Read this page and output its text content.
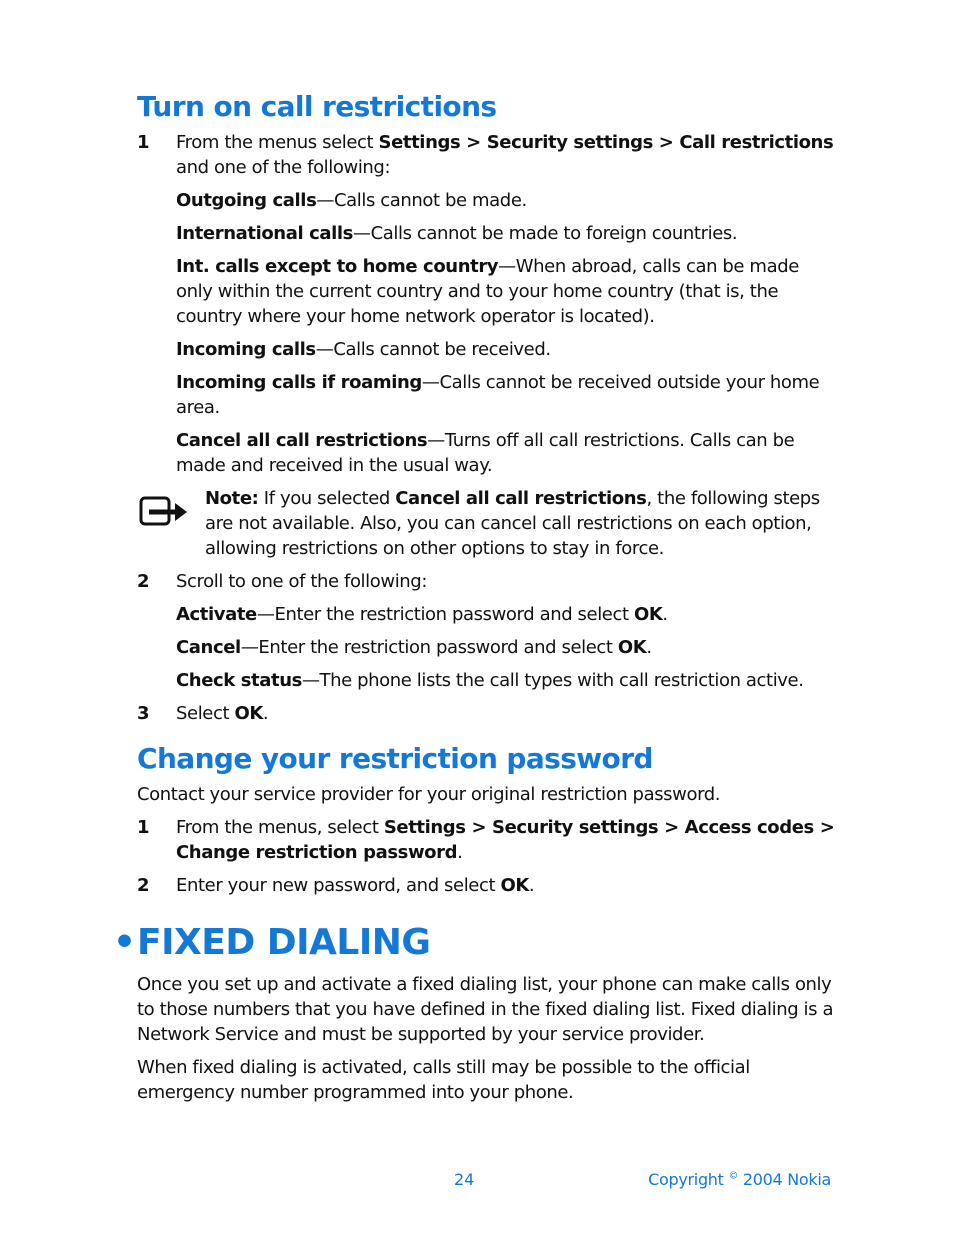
Turn on call restrictions
1 From the menus select Settings > Security settings > Call restrictions and one of the following:
Outgoing calls—Calls cannot be made.
International calls—Calls cannot be made to foreign countries.
Int. calls except to home country—When abroad, calls can be made only within the current country and to your home country (that is, the country where your home network operator is located).
Incoming calls—Calls cannot be received.
Incoming calls if roaming—Calls cannot be received outside your home area.
Cancel all call restrictions—Turns off all call restrictions. Calls can be made and received in the usual way.
Note: If you selected Cancel all call restrictions, the following steps are not available. Also, you can cancel call restrictions on each option, allowing restrictions on other options to stay in force.
2 Scroll to one of the following:
Activate—Enter the restriction password and select OK.
Cancel—Enter the restriction password and select OK.
Check status—The phone lists the call types with call restriction active.
3 Select OK.
Change your restriction password

Contact your service provider for your original restriction password.

1 From the menus, select Settings > Security settings > Access codes > Change restriction password.
2 Enter your new password, and select OK.
•FIXED DIALING

Once you set up and activate a fixed dialing list, your phone can make calls only to those numbers that you have defined in the fixed dialing list. Fixed dialing is a Network Service and must be supported by your service provider.

When fixed dialing is activated, calls still may be possible to the official emergency number programmed into your phone.

24	Copyright © 2004 Nokia
